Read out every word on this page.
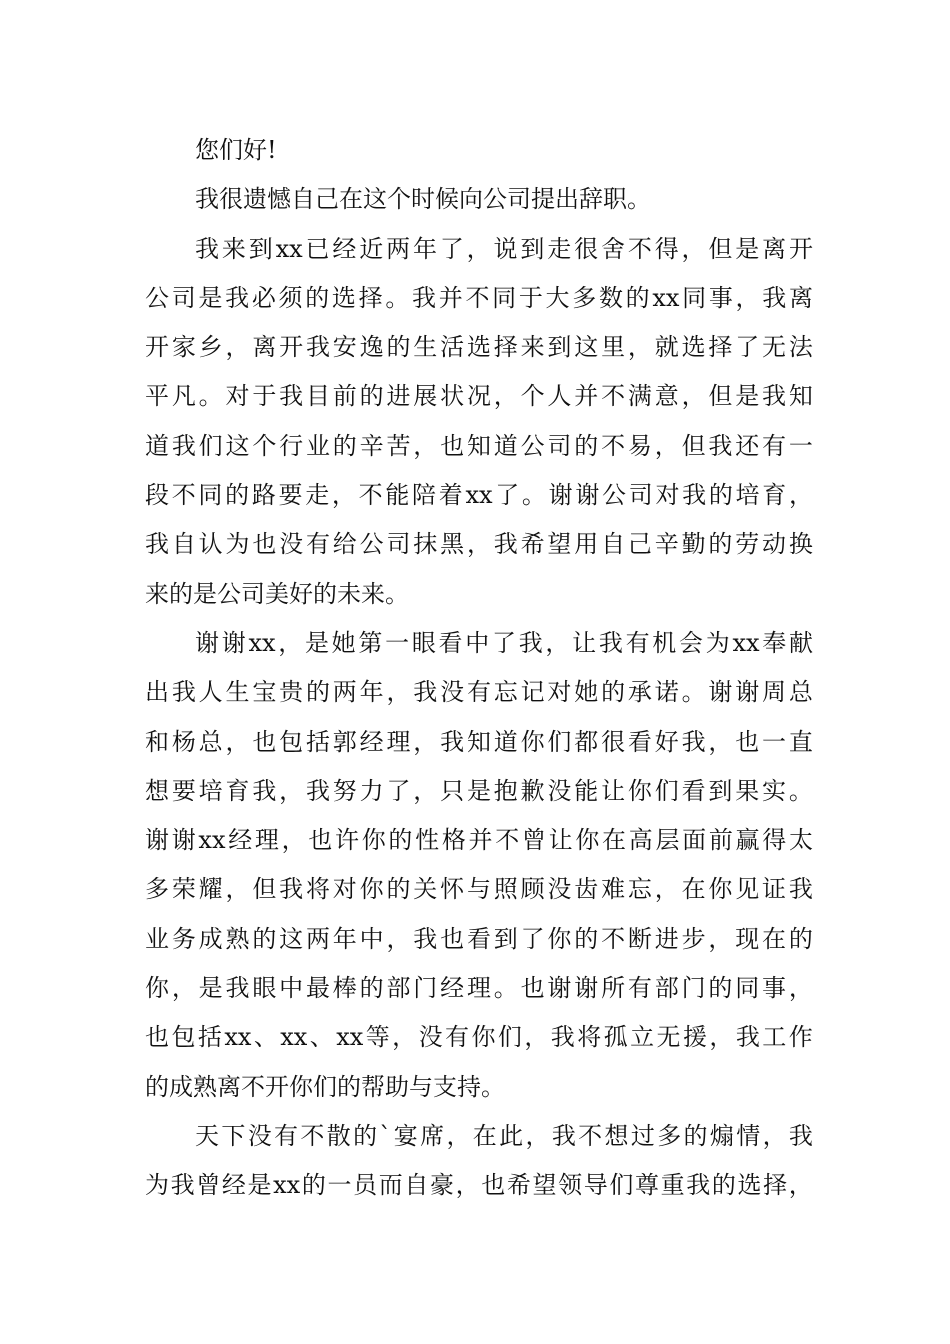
您们好!
我很遗憾自己在这个时候向公司提出辞职。
我 来 到 xx 已 经 近 两 年 了 ， 说 到 走 很 舍 不 得 ， 但 是 离 开
公 司 是 我 必 须 的 选 择 。 我 并 不 同 于 大 多 数 的 xx 同 事 ， 我 离
开 家 乡 ， 离 开 我 安 逸 的 生 活 选 择 来 到 这 里 ， 就 选 择 了 无 法
平 凡 。 对 于 我 目 前 的 进 展 状 况 ， 个 人 并 不 满 意 ， 但 是 我 知
道 我 们 这 个 行 业 的 辛 苦 ， 也 知 道 公 司 的 不 易 ， 但 我 还 有 一
段 不 同 的 路 要 走 ， 不 能 陪 着 xx 了 。 谢 谢 公 司 对 我 的 培 育 ，
我 自 认 为 也 没 有 给 公 司 抹 黑 ， 我 希 望 用 自 己 辛 勤 的 劳 动 换
来的是公司美好的未来。
谢 谢 xx ， 是 她 第 一 眼 看 中 了 我 ， 让 我 有 机 会 为 xx 奉 献
出 我 人 生 宝 贵 的 两 年 ， 我 没 有 忘 记 对 她 的 承 诺 。 谢 谢 周 总
和 杨 总 ， 也 包 括 郭 经 理 ， 我 知 道 你 们 都 很 看 好 我 ， 也 一 直
想 要 培 育 我 ， 我 努 力 了 ， 只 是 抱 歉 没 能 让 你 们 看 到 果 实 。
谢 谢 xx 经 理 ， 也 许 你 的 性 格 并 不 曾 让 你 在 高 层 面 前 赢 得 太
多 荣 耀 ， 但 我 将 对 你 的 关 怀 与 照 顾 没 齿 难 忘 ， 在 你 见 证 我
业 务 成 熟 的 这 两 年 中 ， 我 也 看 到 了 你 的 不 断 进 步 ， 现 在 的
你 ， 是 我 眼 中 最 棒 的 部 门 经 理 。 也 谢 谢 所 有 部 门 的 同 事 ，
也 包 括 xx 、 xx 、 xx 等 ， 没 有 你 们 ， 我 将 孤 立 无 援 ， 我 工 作
的成熟离不开你们的帮助与支持。
天 下 没 有 不 散 的 ` 宴 席 ， 在 此 ， 我 不 想 过 多 的 煽 情 ， 我
为 我 曾 经 是 xx 的 一 员 而 自 豪 ， 也 希 望 领 导 们 尊 重 我 的 选 择 ，
